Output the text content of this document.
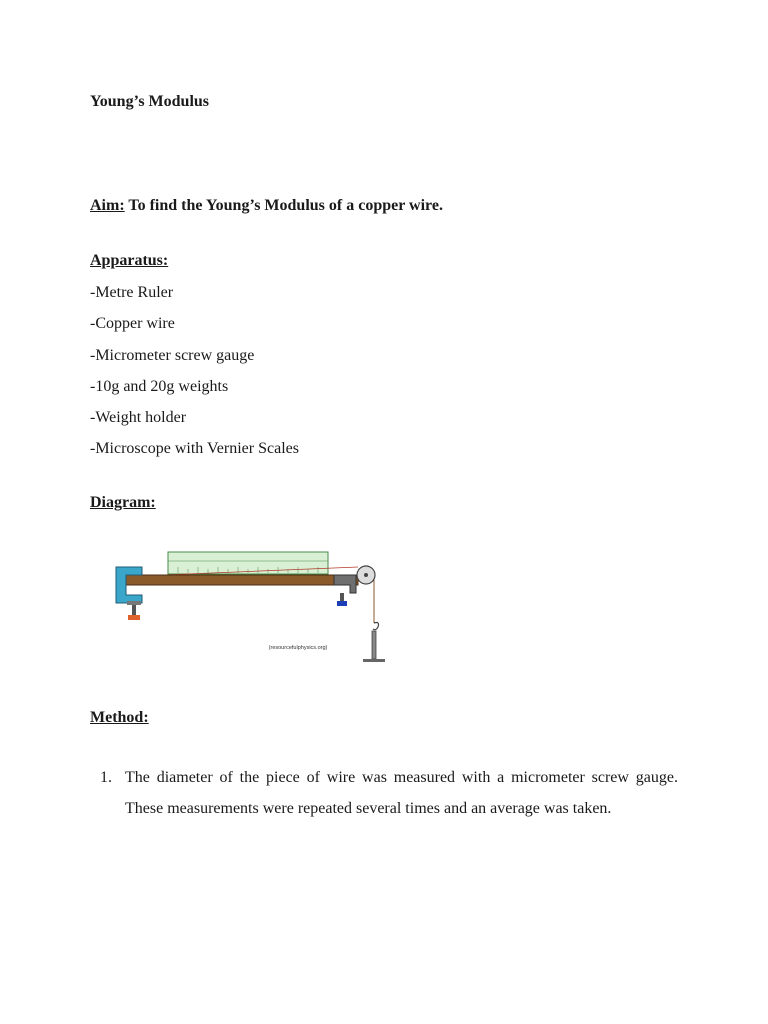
Young’s Modulus
Aim: To find the Young’s Modulus of a copper wire.
Apparatus:
-Metre Ruler
-Copper wire
-Micrometer screw gauge
-10g and 20g weights
-Weight holder
-Microscope with Vernier Scales
Diagram:
(resourcefulphysics.org)
Method:
1. The diameter of the piece of wire was measured with a micrometer screw gauge. These measurements were repeated several times and an average was taken.
